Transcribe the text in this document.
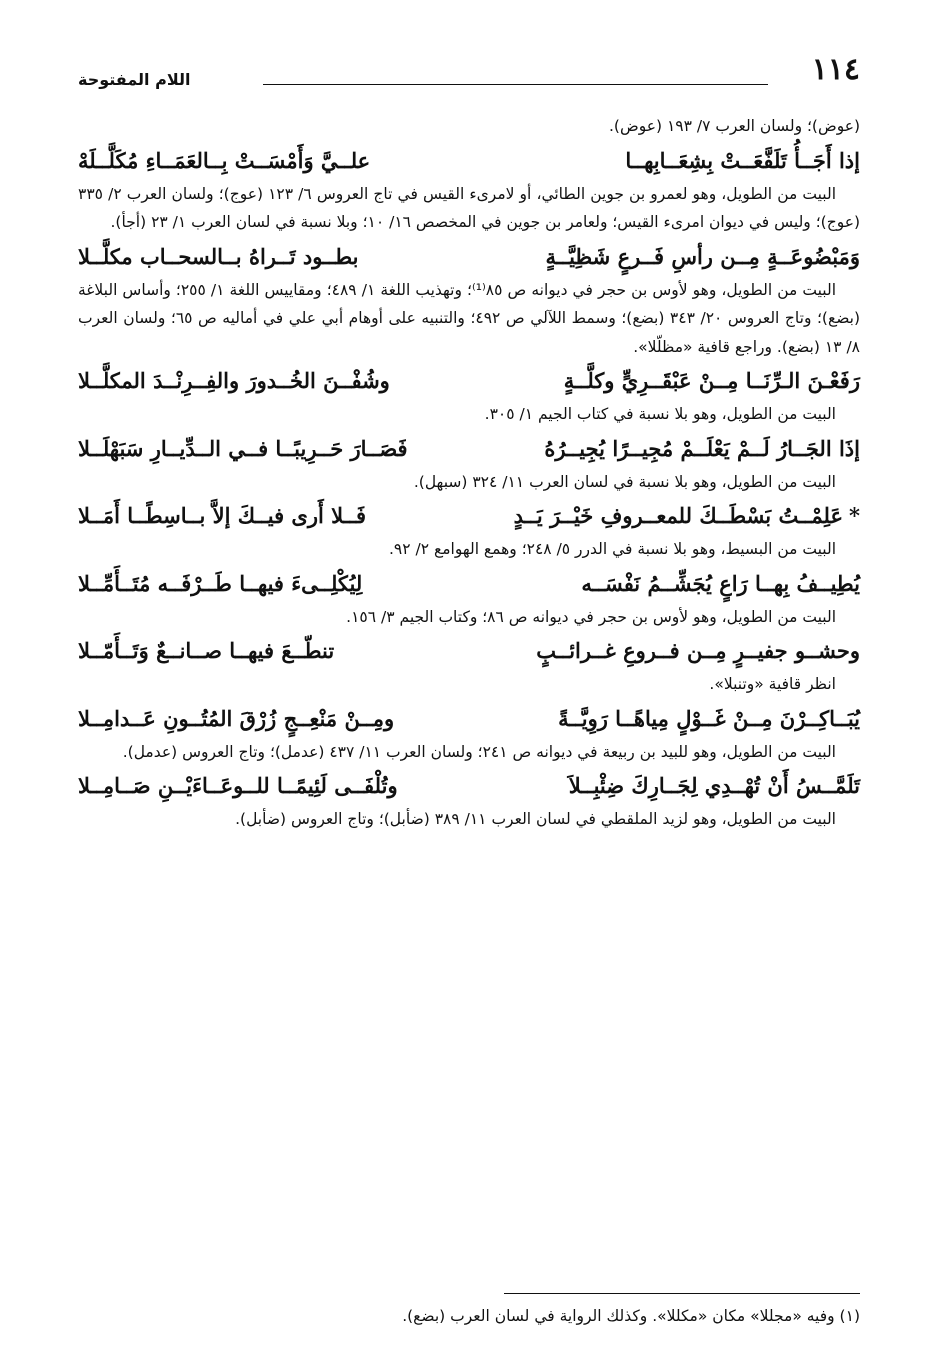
١١٤
اللام المفتوحة

(عوض)؛ ولسان العرب ٧/ ١٩٣ (عوض).

إذا أَجَــأُ تَلَفَّعَــتْ بِشِعَــابِهــا
علــيَّ وَأَمْسَــتْ بِــالعَمَــاءِ مُكَلَّــلَهْ

البيت من الطويل، وهو لعمرو بن جوين الطائي، أو لامرىء القيس في تاج العروس ٦/ ١٢٣ (عوج)؛ ولسان العرب ٢/ ٣٣٥ (عوج)؛ وليس في ديوان امرىء القيس؛ ولعامر بن جوين في المخصص ١٦/ ١٠؛ وبلا نسبة في لسان العرب ١/ ٢٣ (أجأ).

وَمَبْضُوعَــةٍ مِــن رأسِ فَــرعٍ شَظِيَّــةٍ
بطــود تَــراهُ بــالسحــاب مكلَّــلا

البيت من الطويل، وهو لأوس بن حجر في ديوانه ص ٨٥⁽¹⁾؛ وتهذيب اللغة ١/ ٤٨٩؛ ومقاييس اللغة ١/ ٢٥٥؛ وأساس البلاغة (بضع)؛ وتاج العروس ٢٠/ ٣٤٣ (بضع)؛ وسمط اللآلي ص ٤٩٢؛ والتنبيه على أوهام أبي علي في أماليه ص ٦٥؛ ولسان العرب ٨/ ١٣ (بضع). وراجع قافية «مظلّلا».

رَفَعْـنَ الـرِّنَــا مِــنْ عَبْقَــرِيٍّ وكلَّــةٍ
وشُفْــنَ الخُــدورَ والفِــرِنْــدَ المكلَّــلا

البيت من الطويل، وهو بلا نسبة في كتاب الجيم ١/ ٣٠٥.

إذَا الجَــارُ لَــمْ يَعْلَــمْ مُجِيــرًا يُجِيــرُهُ
فَصَــارَ حَــرِيبًــا فــي الــدِّيــارِ سَبَهْلَــلا

البيت من الطويل، وهو بلا نسبة في لسان العرب ١١/ ٣٢٤ (سبهل).

*
عَلِمْــتُ بَسْطَــكَ للمعــروفِ خَيْــرَ يَــدٍ
فَــلا أَرى فيــكَ إلاَّ بــاسِطًــا أَمَــلا

البيت من البسيط، وهو بلا نسبة في الدرر ٥/ ٢٤٨؛ وهمع الهوامع ٢/ ٩٢.

يُطِيــفُ بِهــا رَاعٍ يُجَشِّــمُ نَفْسَــه
لِيُكْلِــىءَ فيهــا طَــرْفَــه مُتَــأَمِّــلا

البيت من الطويل، وهو لأوس بن حجر في ديوانه ص ٨٦؛ وكتاب الجيم ٣/ ١٥٦.

وحشــو جفيــرٍ مِــن فــروعِ غــرائــبٍ
تنطّــعَ فيهــا صــانــعٌ وَتَــأَمّــلا

انظر قافية «وتنبلا».

يُبَــاكِــرْنَ مِــنْ غَــوْلٍ مِياهًــا رَوِيَّــةً
ومِــنْ مَنْعِــجٍ زُرْقَ المُتُــونِ عَــدامِــلا

البيت من الطويل، وهو للبيد بن ربيعة في ديوانه ص ٢٤١؛ ولسان العرب ١١/ ٤٣٧ (عدمل)؛ وتاج العروس (عدمل).

تَلَمَّــسُ أَنْ تُهْــدِي لِجَــارِكَ ضِئْبِــلاَ
وتُلْفَــى لَئِيمًــا للــوعَــاءَيْــنِ صَــامِــلا

البيت من الطويل، وهو لزيد الملقطي في لسان العرب ١١/ ٣٨٩ (ضأبل)؛ وتاج العروس (ضأبل).

(١) وفيه «مجللا» مكان «مكللا». وكذلك الرواية في لسان العرب (بضع).
